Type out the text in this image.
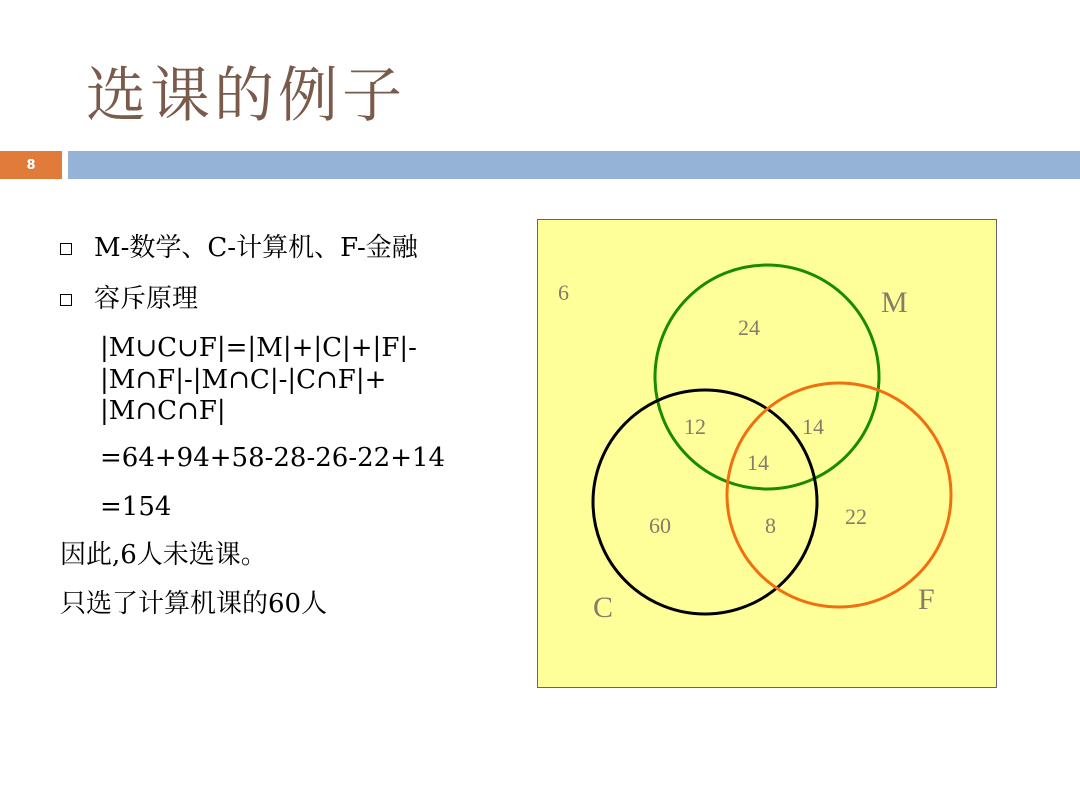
选课的例子
8
M-数学、C-计算机、F-金融
容斥原理
|M∪C∪F|=|M|+|C|+|F|-
|M∩F|-|M∩C|-|C∩F|+
|M∩C∩F|
=64+94+58-28-26-22+14
=154
因此,6人未选课。
只选了计算机课的60人
6	M
C	F
24
12	14
14
60	8	22
